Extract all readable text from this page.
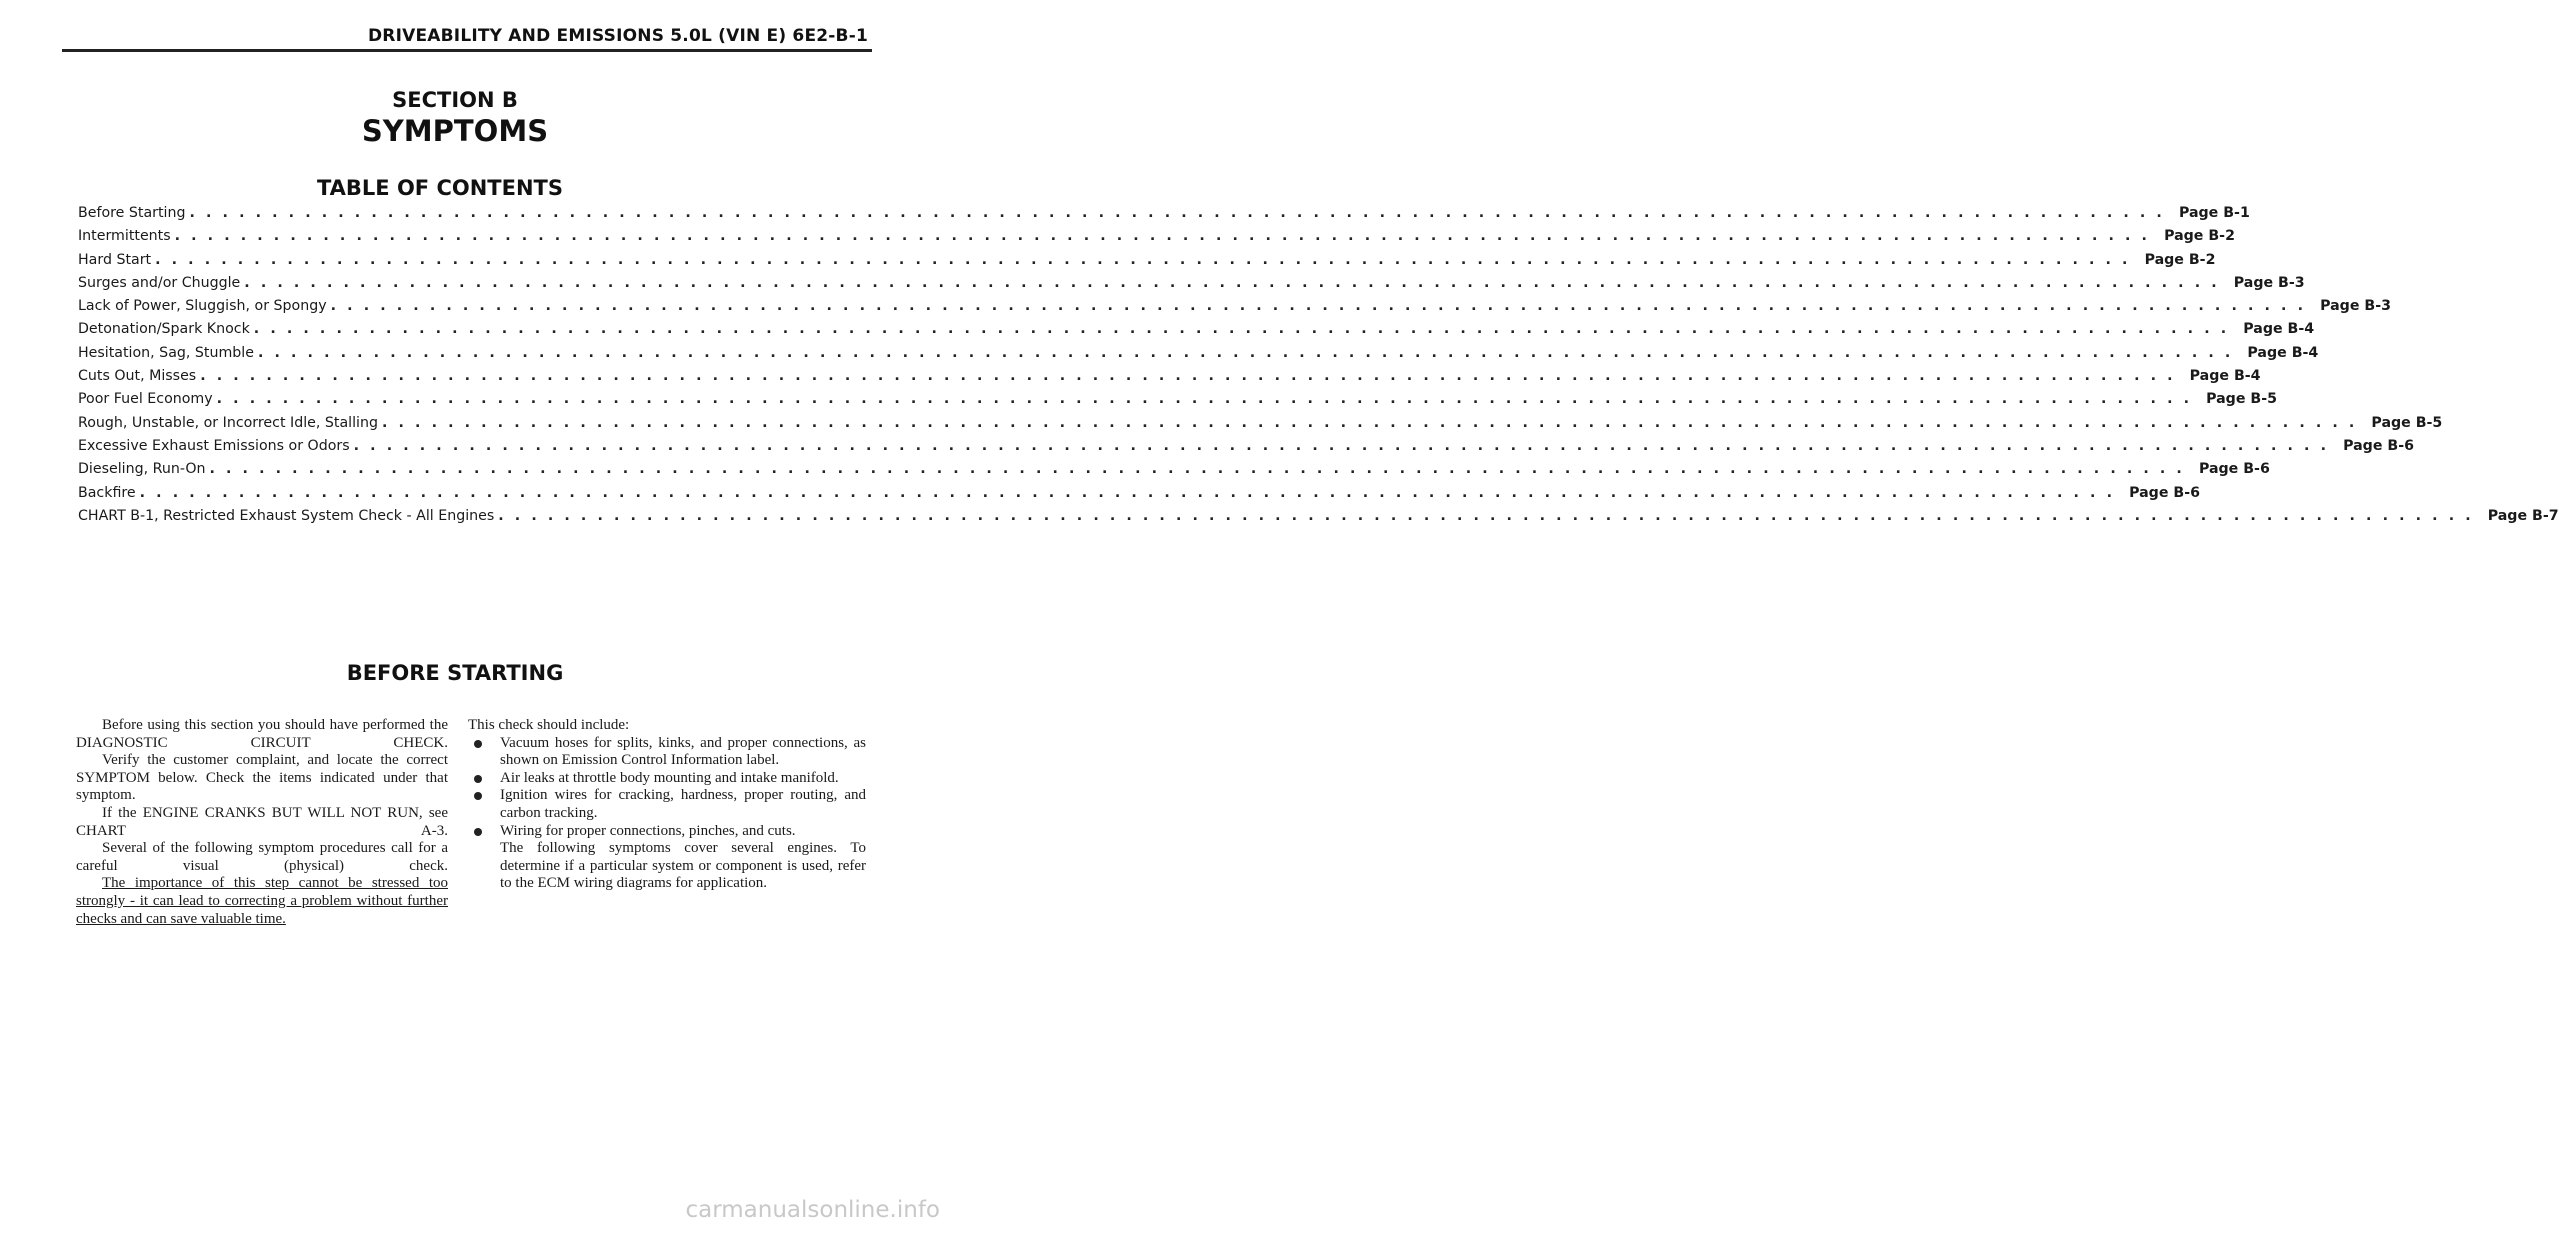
DRIVEABILITY AND EMISSIONS 5.0L (VIN E) 6E2-B-1
SECTION B
SYMPTOMS
TABLE OF CONTENTS
Before Starting . . . . . . . . . . . . . . . . . . . . . . . . . . . . . . . . . . . . . . . . . . . . . . . . . . . . . . . . . . . . . . . . . . . . . . . . . . . . . . . . . . . . . . . . . . . . . . . . . . . . . . . . . . . . . . . . . . . . . . . . Page B-1
Intermittents . . . . . . . . . . . . . . . . . . . . . . . . . . . . . . . . . . . . . . . . . . . . . . . . . . . . . . . . . . . . . . . . . . . . . . . . . . . . . . . . . . . . . . . . . . . . . . . . . . . . . . . . . . . . . . . . . . . . . . . . Page B-2
Hard Start . . . . . . . . . . . . . . . . . . . . . . . . . . . . . . . . . . . . . . . . . . . . . . . . . . . . . . . . . . . . . . . . . . . . . . . . . . . . . . . . . . . . . . . . . . . . . . . . . . . . . . . . . . . . . . . . . . . . . . . . Page B-2
Surges and/or Chuggle . . . . . . . . . . . . . . . . . . . . . . . . . . . . . . . . . . . . . . . . . . . . . . . . . . . . . . . . . . . . . . . . . . . . . . . . . . . . . . . . . . . . . . . . . . . . . . . . . . . . . . . . . . . . . . . . . . . . . . . . Page B-3
Lack of Power, Sluggish, or Spongy . . . . . . . . . . . . . . . . . . . . . . . . . . . . . . . . . . . . . . . . . . . . . . . . . . . . . . . . . . . . . . . . . . . . . . . . . . . . . . . . . . . . . . . . . . . . . . . . . . . . . . . . . . . . . . . . . . . . . . . . Page B-3
Detonation/Spark Knock . . . . . . . . . . . . . . . . . . . . . . . . . . . . . . . . . . . . . . . . . . . . . . . . . . . . . . . . . . . . . . . . . . . . . . . . . . . . . . . . . . . . . . . . . . . . . . . . . . . . . . . . . . . . . . . . . . . . . . . . Page B-4
Hesitation, Sag, Stumble . . . . . . . . . . . . . . . . . . . . . . . . . . . . . . . . . . . . . . . . . . . . . . . . . . . . . . . . . . . . . . . . . . . . . . . . . . . . . . . . . . . . . . . . . . . . . . . . . . . . . . . . . . . . . . . . . . . . . . . . Page B-4
Cuts Out, Misses . . . . . . . . . . . . . . . . . . . . . . . . . . . . . . . . . . . . . . . . . . . . . . . . . . . . . . . . . . . . . . . . . . . . . . . . . . . . . . . . . . . . . . . . . . . . . . . . . . . . . . . . . . . . . . . . . . . . . . . . Page B-4
Poor Fuel Economy . . . . . . . . . . . . . . . . . . . . . . . . . . . . . . . . . . . . . . . . . . . . . . . . . . . . . . . . . . . . . . . . . . . . . . . . . . . . . . . . . . . . . . . . . . . . . . . . . . . . . . . . . . . . . . . . . . . . . . . . Page B-5
Rough, Unstable, or Incorrect Idle, Stalling . . . . . . . . . . . . . . . . . . . . . . . . . . . . . . . . . . . . . . . . . . . . . . . . . . . . . . . . . . . . . . . . . . . . . . . . . . . . . . . . . . . . . . . . . . . . . . . . . . . . . . . . . . . . . . . . . . . . . . . . Page B-5
Excessive Exhaust Emissions or Odors . . . . . . . . . . . . . . . . . . . . . . . . . . . . . . . . . . . . . . . . . . . . . . . . . . . . . . . . . . . . . . . . . . . . . . . . . . . . . . . . . . . . . . . . . . . . . . . . . . . . . . . . . . . . . . . . . . . . . . . . Page B-6
Dieseling, Run-On . . . . . . . . . . . . . . . . . . . . . . . . . . . . . . . . . . . . . . . . . . . . . . . . . . . . . . . . . . . . . . . . . . . . . . . . . . . . . . . . . . . . . . . . . . . . . . . . . . . . . . . . . . . . . . . . . . . . . . . . Page B-6
Backfire . . . . . . . . . . . . . . . . . . . . . . . . . . . . . . . . . . . . . . . . . . . . . . . . . . . . . . . . . . . . . . . . . . . . . . . . . . . . . . . . . . . . . . . . . . . . . . . . . . . . . . . . . . . . . . . . . . . . . . . . Page B-6
CHART B-1, Restricted Exhaust System Check - All Engines . . . . . . . . . . . . . . . . . . . . . . . . . . . . . . . . . . . . . . . . . . . . . . . . . . . . . . . . . . . . . . . . . . . . . . . . . . . . . . . . . . . . . . . . . . . . . . . . . . . . . . . . . . . . . . . . . . . . . . . . Page B-7
BEFORE STARTING

Before using this section you should have performed the DIAGNOSTIC CIRCUIT CHECK.

Verify the customer complaint, and locate the correct SYMPTOM below. Check the items indicated under that symptom.

If the ENGINE CRANKS BUT WILL NOT RUN, see CHART A-3.

Several of the following symptom procedures call for a careful visual (physical) check.

The importance of this step cannot be stressed too strongly - it can lead to correcting a problem without further checks and can save valuable time.

This check should include:

Vacuum hoses for splits, kinks, and proper connections, as shown on Emission Control Information label.

Air leaks at throttle body mounting and intake manifold.

Ignition wires for cracking, hardness, proper routing, and carbon tracking.

Wiring for proper connections, pinches, and cuts.

The following symptoms cover several engines. To determine if a particular system or component is used, refer to the ECM wiring diagrams for application.

carmanualsonline.info
